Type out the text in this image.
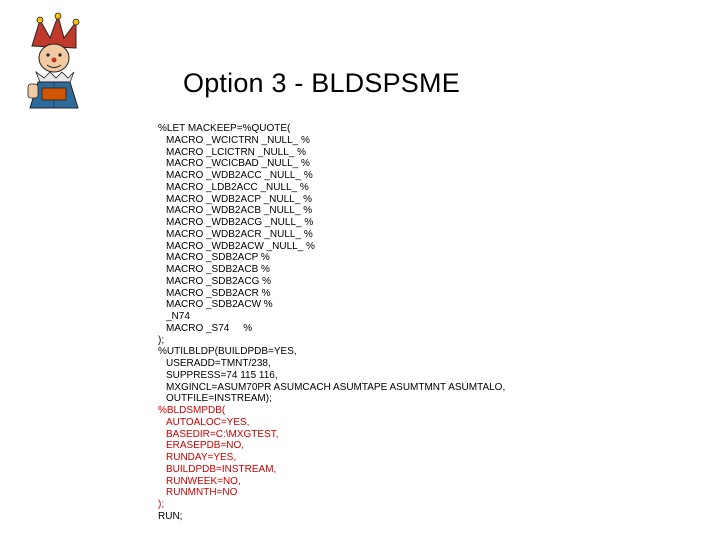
Option 3 - BLDSPSME
%LET MACKEEP=%QUOTE(
MACRO _WCICTRN _NULL_ %
MACRO _LCICTRN _NULL_ %
MACRO _WCICBAD _NULL_ %
MACRO _WDB2ACC _NULL_ %
MACRO _LDB2ACC _NULL_ %
MACRO _WDB2ACP _NULL_ %
MACRO _WDB2ACB _NULL_ %
MACRO _WDB2ACG _NULL_ %
MACRO _WDB2ACR _NULL_ %
MACRO _WDB2ACW _NULL_ %
MACRO _SDB2ACP %
MACRO _SDB2ACB %
MACRO _SDB2ACG %
MACRO _SDB2ACR %
MACRO _SDB2ACW %
_N74
MACRO _S74     %
);
%UTILBLDP(BUILDPDB=YES,
USERADD=TMNT/238,
SUPPRESS=74 115 116,
MXGINCL=ASUM70PR ASUMCACH ASUMTAPE ASUMTMNT ASUMTALO,
OUTFILE=INSTREAM);
%BLDSMPDB(
AUTOALOC=YES,
BASEDIR=C:\MXGTEST,
ERASEPDB=NO,
RUNDAY=YES,
BUILDPDB=INSTREAM,
RUNWEEK=NO,
RUNMNTH=NO
);
RUN;
